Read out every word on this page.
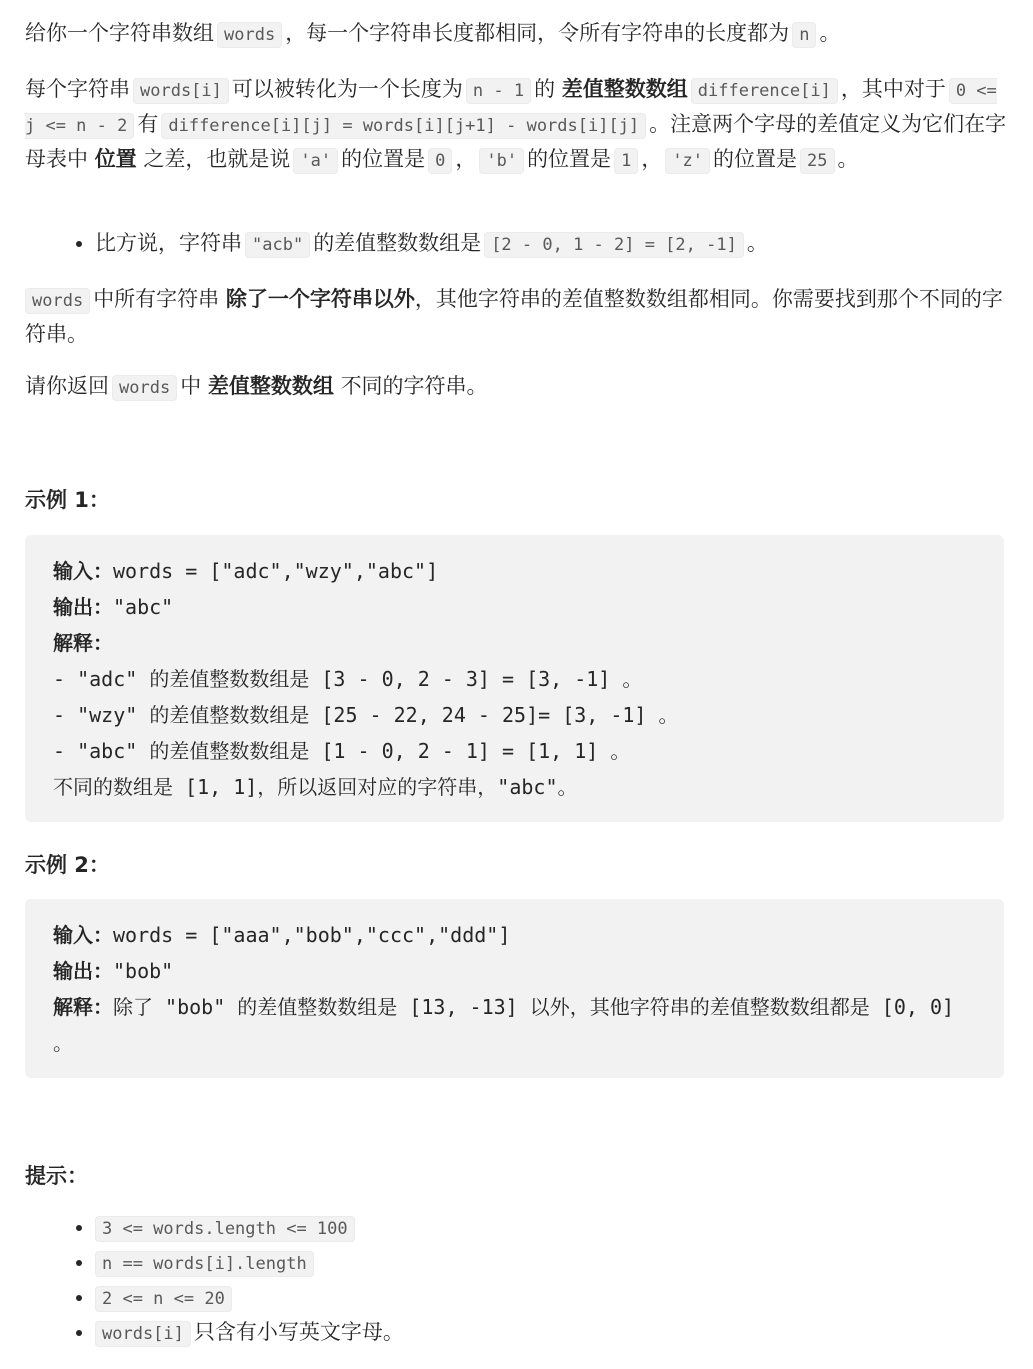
给你一个字符串数组 words ，每一个字符串长度都相同，令所有字符串的长度都为 n 。

每个字符串 words[i] 可以被转化为一个长度为 n - 1 的 差值整数数组 difference[i] ，其中对于 0 <= j <= n - 2 有 difference[i][j] = words[i][j+1] - words[i][j] 。注意两个字母的差值定义为它们在字母表中 位置 之差，也就是说 'a' 的位置是 0 ， 'b' 的位置是 1 ， 'z' 的位置是 25 。

• 比方说，字符串 "acb" 的差值整数数组是 [2 - 0, 1 - 2] = [2, -1] 。

words 中所有字符串 除了一个字符串以外，其他字符串的差值整数数组都相同。你需要找到那个不同的字符串。

请你返回 words 中 差值整数数组 不同的字符串。

示例 1：

输入：words = ["adc","wzy","abc"]

输出："abc"

解释：

- "adc" 的差值整数数组是 [3 - 0, 2 - 3] = [3, -1] 。

- "wzy" 的差值整数数组是 [25 - 22, 24 - 25]= [3, -1] 。

- "abc" 的差值整数数组是 [1 - 0, 2 - 1] = [1, 1] 。

不同的数组是 [1, 1]，所以返回对应的字符串，"abc"。

示例 2：

输入：words = ["aaa","bob","ccc","ddd"]

输出："bob"

解释：除了 "bob" 的差值整数数组是 [13, -13] 以外，其他字符串的差值整数数组都是 [0, 0] 。

提示：

• 3 <= words.length <= 100
• n == words[i].length
• 2 <= n <= 20
• words[i] 只含有小写英文字母。
